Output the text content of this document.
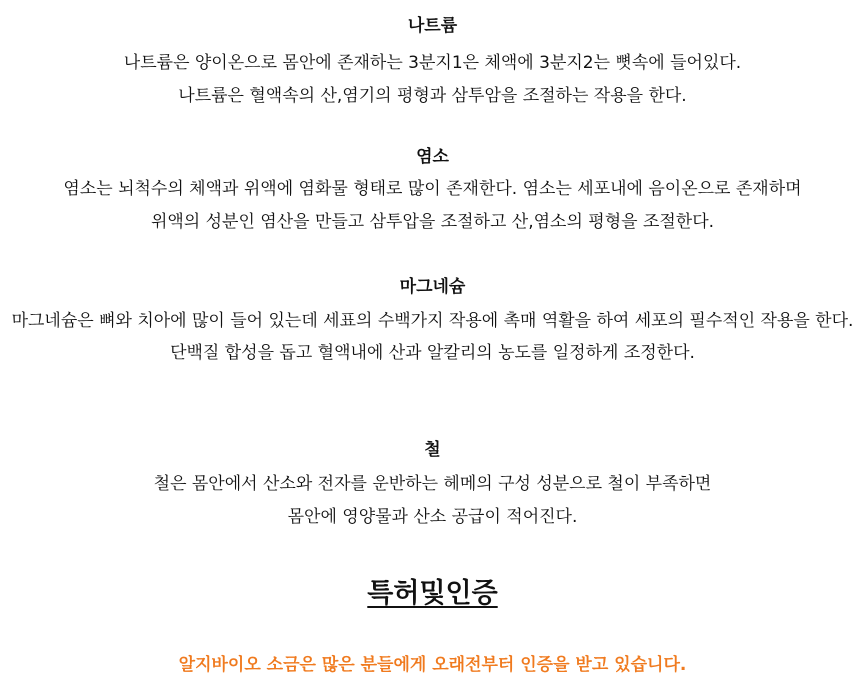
나트륨

나트륨은 양이온으로 몸안에 존재하는 3분지1은 체액에 3분지2는 뼛속에 들어있다.

나트륨은 혈액속의 산,염기의 평형과 삼투암을 조절하는 작용을 한다.

염소

염소는 뇌척수의 체액과 위액에 염화물 형태로 많이 존재한다. 염소는 세포내에 음이온으로 존재하며

위액의 성분인 염산을 만들고 삼투압을 조절하고 산,염소의 평형을 조절한다.

마그네슘

마그네슘은 뼈와 치아에 많이 들어 있는데 세표의 수백가지 작용에 촉매 역활을 하여 세포의 필수적인 작용을 한다.

단백질 합성을 돕고 혈액내에 산과 알칼리의 농도를 일정하게 조정한다.

철

철은 몸안에서 산소와 전자를 운반하는 헤메의 구성 성분으로 철이 부족하면

몸안에 영양물과 산소 공급이 적어진다.

특허및인증

알지바이오 소금은 많은 분들에게 오래전부터 인증을 받고 있습니다.
